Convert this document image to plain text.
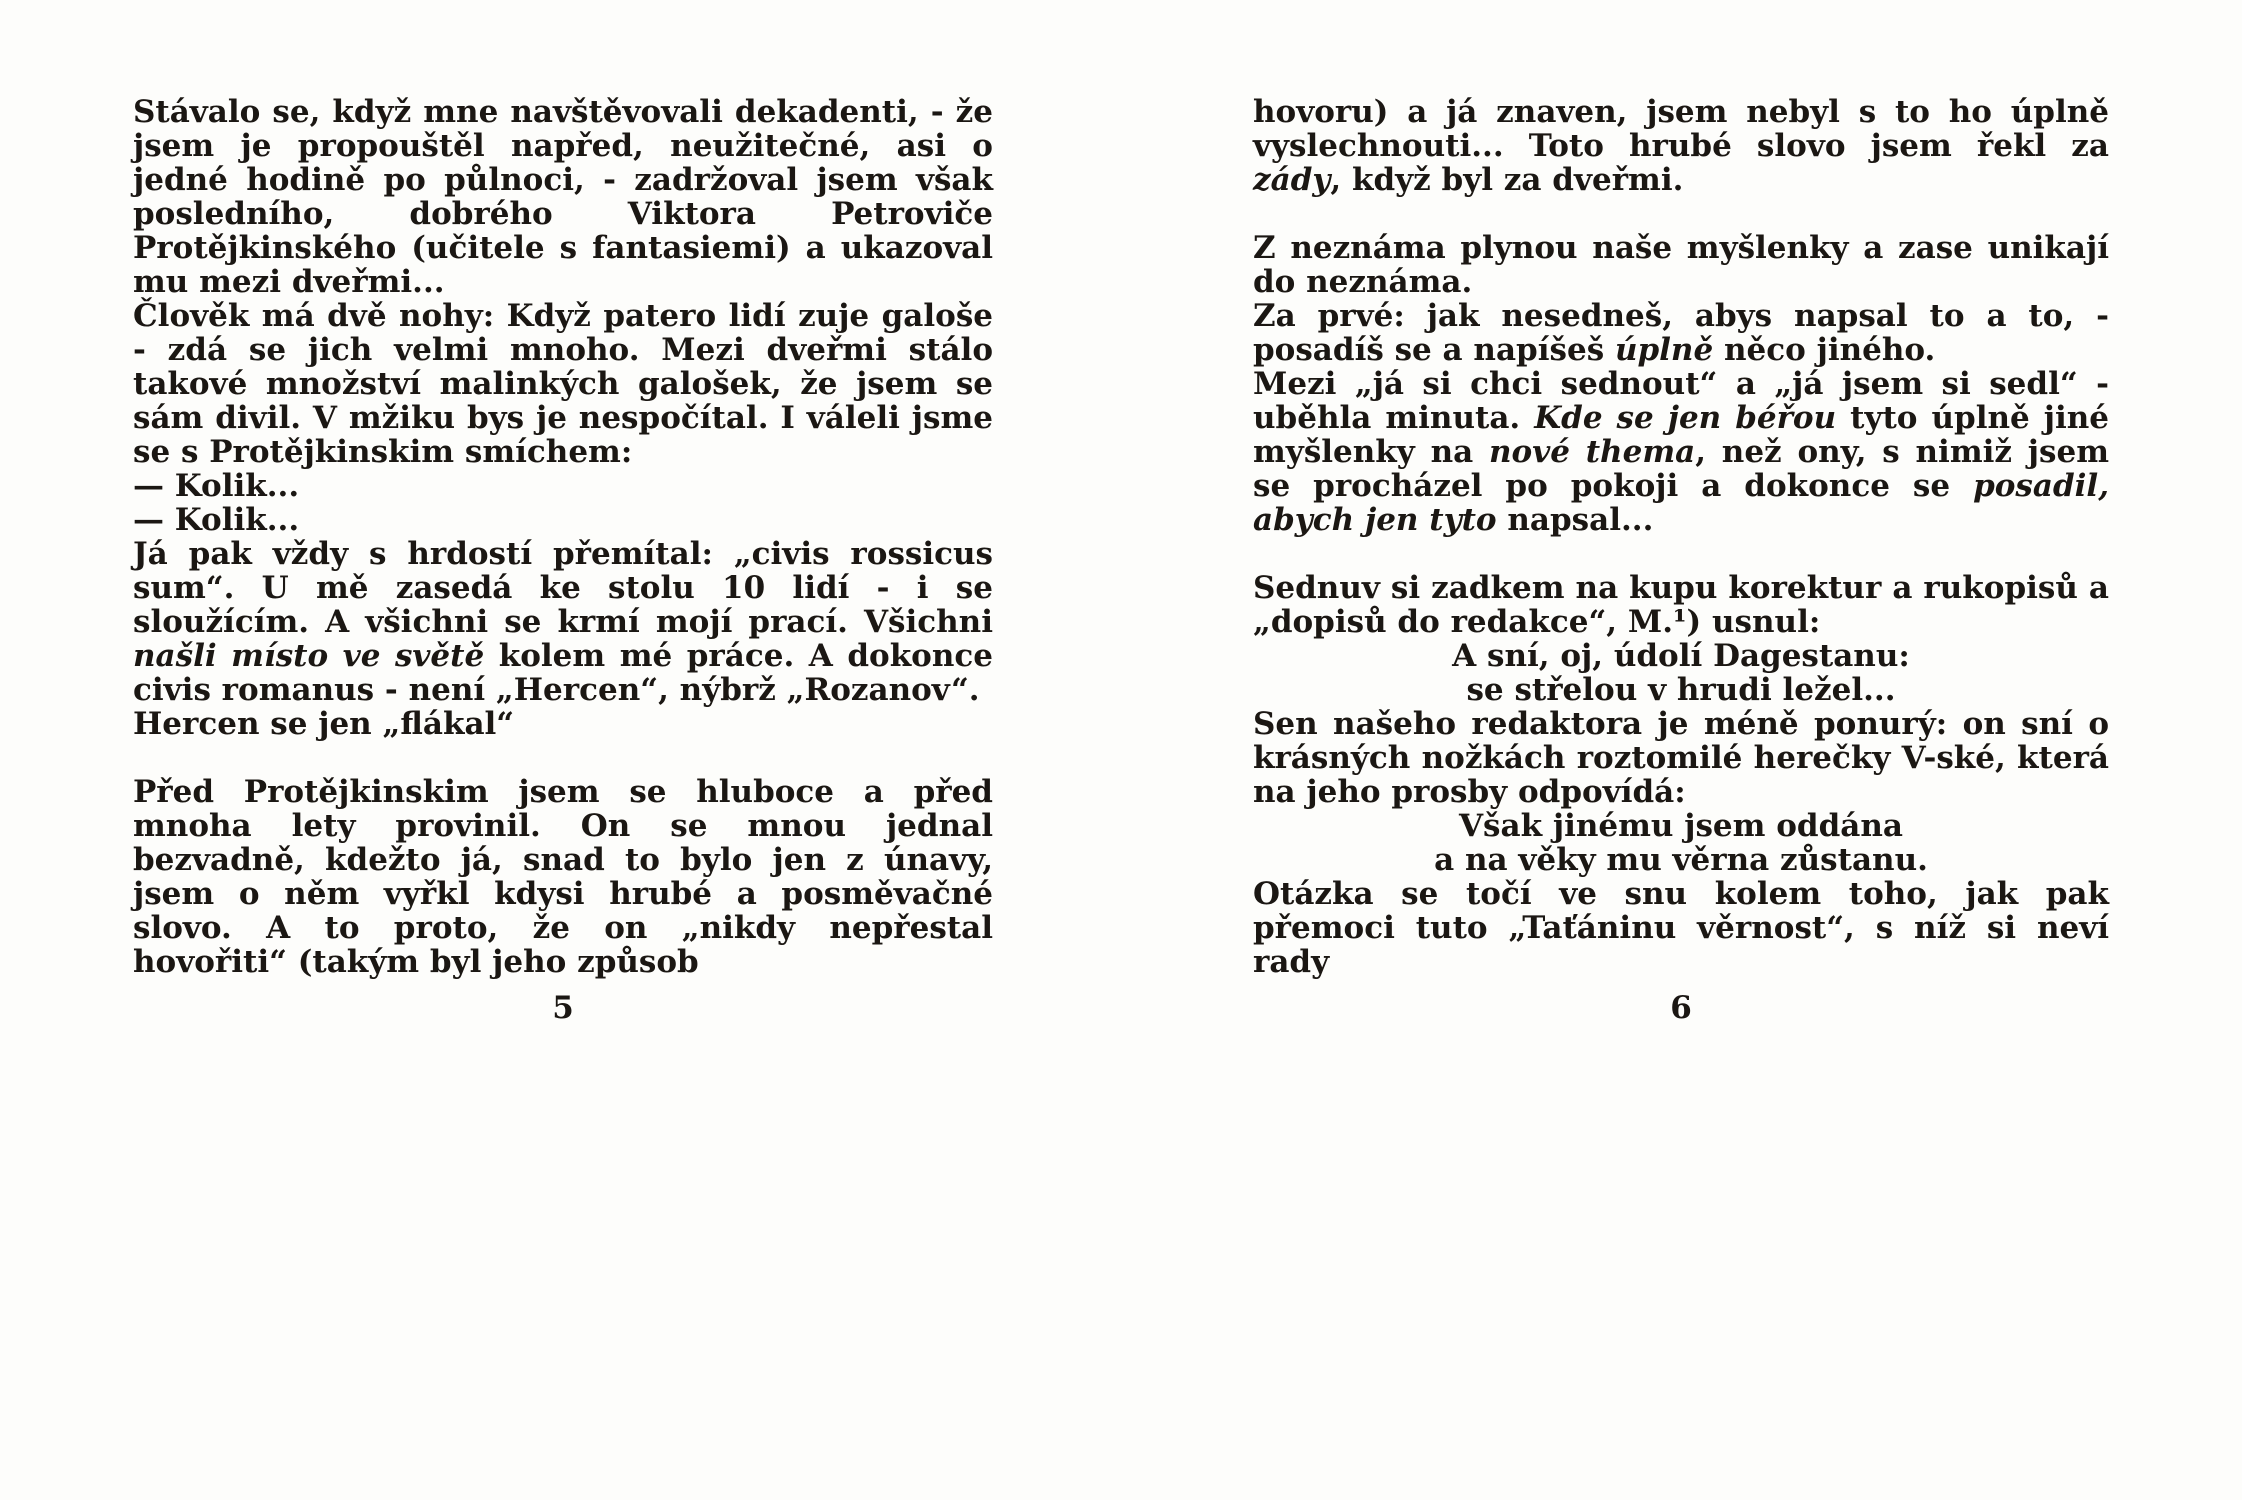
Stávalo se, když mne navštěvovali dekadenti, - že jsem je propouštěl napřed, neužitečné, asi o jedné hodině po půlnoci, - zadržoval jsem však posledního, dobrého Viktora Petroviče Protějkinského (učitele s fantasiemi) a ukazoval mu mezi dveřmi...

Člověk má dvě nohy: Když patero lidí zuje galoše - zdá se jich velmi mnoho. Mezi dveřmi stálo takové množství malinkých galošek, že jsem se sám divil. V mžiku bys je nespočítal. I váleli jsme se s Protějkinskim smíchem:

— Kolik...

— Kolik...

Já pak vždy s hrdostí přemítal: „civis rossicus sum“. U mě zasedá ke stolu 10 lidí - i se sloužícím. A všichni se krmí mojí prací. Všichni našli místo ve světě kolem mé práce. A dokonce civis romanus - není „Hercen“, nýbrž „Rozanov“.

Hercen se jen „flákal“

Před Protějkinskim jsem se hluboce a před mnoha lety provinil. On se mnou jednal bezvadně, kdežto já, snad to bylo jen z únavy, jsem o něm vyřkl kdysi hrubé a posměvačné slovo. A to proto, že on „nikdy nepřestal hovořiti“ (takým byl jeho způsob

5

hovoru) a já znaven, jsem nebyl s to ho úplně vyslechnouti... Toto hrubé slovo jsem řekl za zády, když byl za dveřmi.

Z neznáma plynou naše myšlenky a zase unikají do neznáma.

Za prvé: jak nesedneš, abys napsal to a to, - posadíš se a napíšeš úplně něco jiného.

Mezi „já si chci sednout“ a „já jsem si sedl“ - uběhla minuta. Kde se jen béřou tyto úplně jiné myšlenky na nové thema, než ony, s nimiž jsem se procházel po pokoji a dokonce se posadil, abych jen tyto napsal...

Sednuv si zadkem na kupu korektur a rukopisů a „dopisů do redakce“, M.¹) usnul:

A sní, oj, údolí Dagestanu:

se střelou v hrudi ležel...

Sen našeho redaktora je méně ponurý: on sní o krásných nožkách roztomilé herečky V-ské, která na jeho prosby odpovídá:

Však jinému jsem oddána

a na věky mu věrna zůstanu.

Otázka se točí ve snu kolem toho, jak pak přemoci tuto „Taťáninu věrnost“, s níž si neví rady

6
